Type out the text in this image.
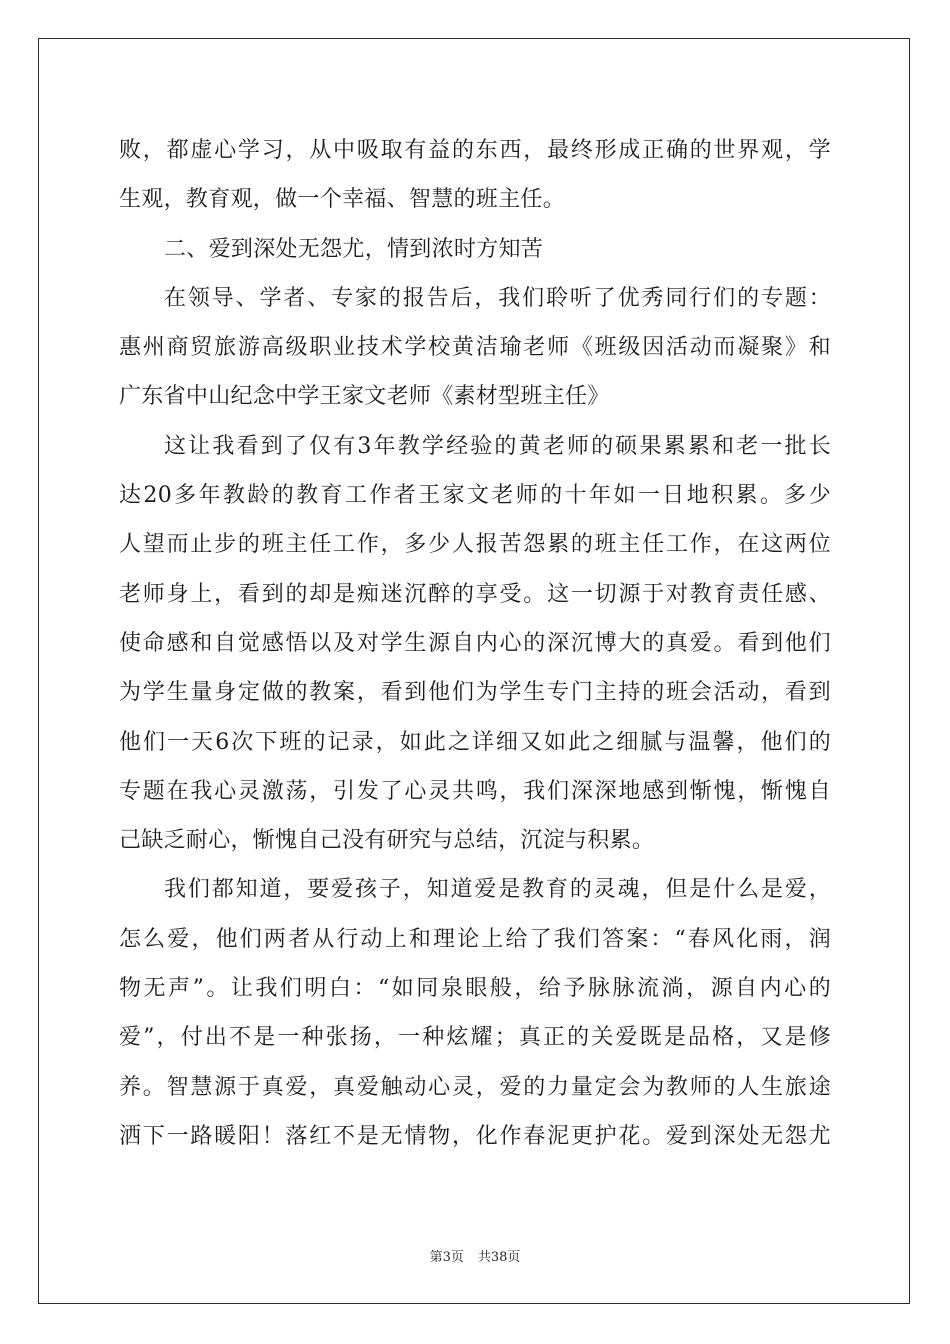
败，都虚心学习，从中吸取有益的东西，最终形成正确的世界观，学
生观，教育观，做一个幸福、智慧的班主任。
二、爱到深处无怨尤，情到浓时方知苦
在领导、学者、专家的报告后，我们聆听了优秀同行们的专题：
惠州商贸旅游高级职业技术学校黄洁瑜老师《班级因活动而凝聚》和
广东省中山纪念中学王家文老师《素材型班主任》
这让我看到了仅有3年教学经验的黄老师的硕果累累和老一批长
达20多年教龄的教育工作者王家文老师的十年如一日地积累。多少
人望而止步的班主任工作，多少人报苦怨累的班主任工作，在这两位
老师身上，看到的却是痴迷沉醉的享受。这一切源于对教育责任感、
使命感和自觉感悟以及对学生源自内心的深沉博大的真爱。看到他们
为学生量身定做的教案，看到他们为学生专门主持的班会活动，看到
他们一天6次下班的记录，如此之详细又如此之细腻与温馨，他们的
专题在我心灵激荡，引发了心灵共鸣，我们深深地感到惭愧，惭愧自
己缺乏耐心，惭愧自己没有研究与总结，沉淀与积累。
我们都知道，要爱孩子，知道爱是教育的灵魂，但是什么是爱，
怎么爱，他们两者从行动上和理论上给了我们答案：“春风化雨，润
物无声”。让我们明白：“如同泉眼般，给予脉脉流淌，源自内心的
爱”，付出不是一种张扬，一种炫耀；真正的关爱既是品格，又是修
养。智慧源于真爱，真爱触动心灵，爱的力量定会为教师的人生旅途
洒下一路暖阳！落红不是无情物，化作春泥更护花。爱到深处无怨尤
第3页 共38页
